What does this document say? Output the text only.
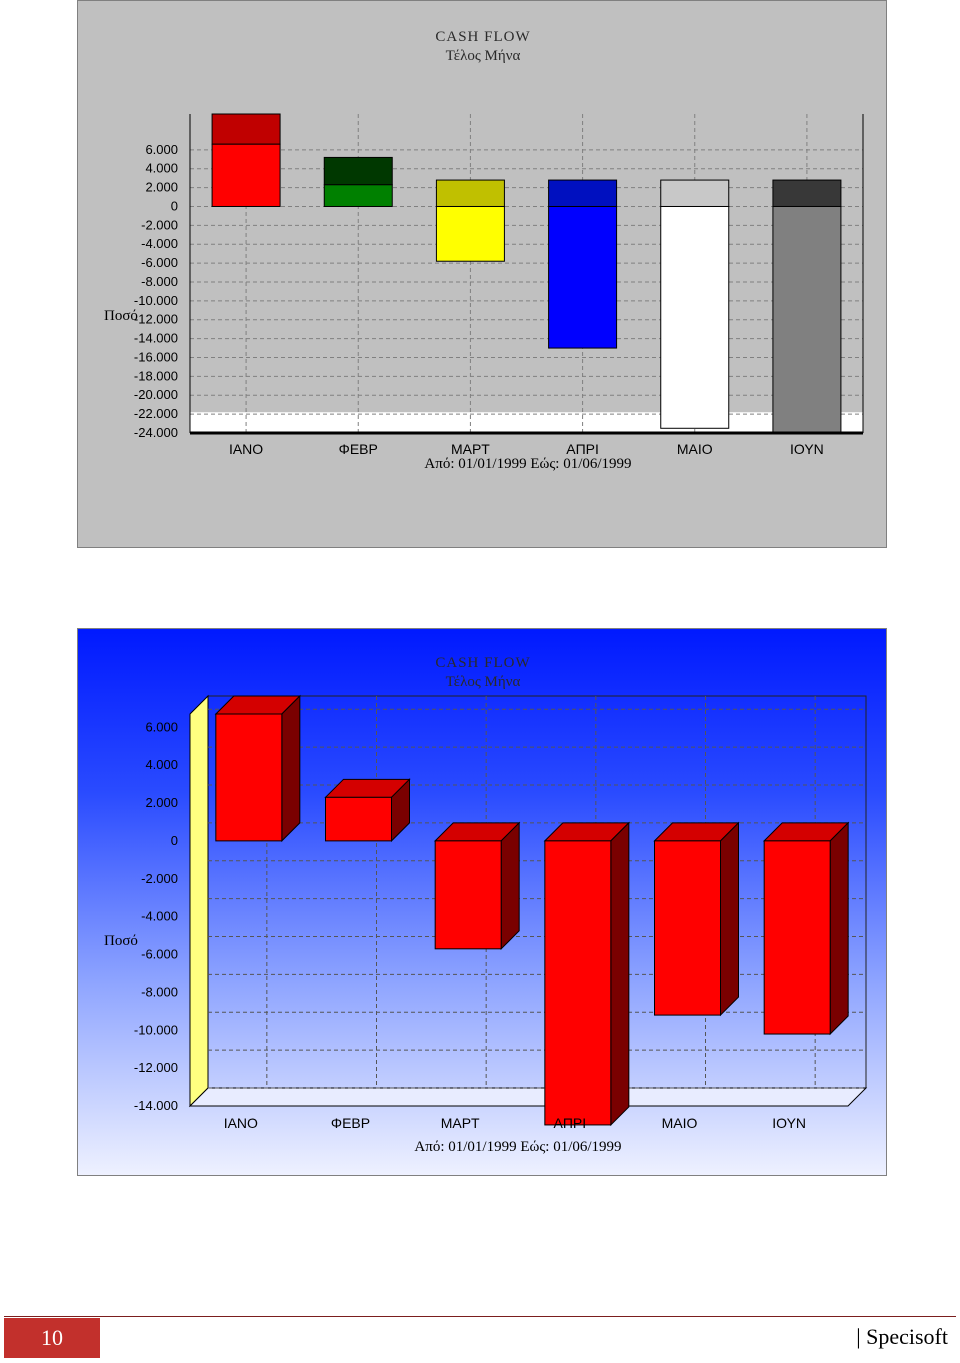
6.000
4.000
2.000
0
-2.000
-4.000
-6.000
-8.000
-10.000
-12.000
-14.000
-16.000
-18.000
-20.000
-22.000
-24.000
ΙΑΝΟ	ΦΕΒΡ	ΜΑΡΤ	ΑΠΡΙ	ΜΑΙΟ	ΙΟΥΝ
CASH FLOW
Τέλος Μήνα
Ποσό
Από: 01/01/1999 Εώς: 01/06/1999
6.000
4.000
2.000
0
-2.000
-4.000
-6.000
-8.000
-10.000
-12.000
-14.000
ΙΑΝΟ	ΦΕΒΡ	ΜΑΡΤ	ΑΠΡΙ	ΜΑΙΟ	ΙΟΥΝ
CASH FLOW
Τέλος Μήνα
Ποσό
Από: 01/01/1999 Εώς: 01/06/1999
10	| Specisoft
